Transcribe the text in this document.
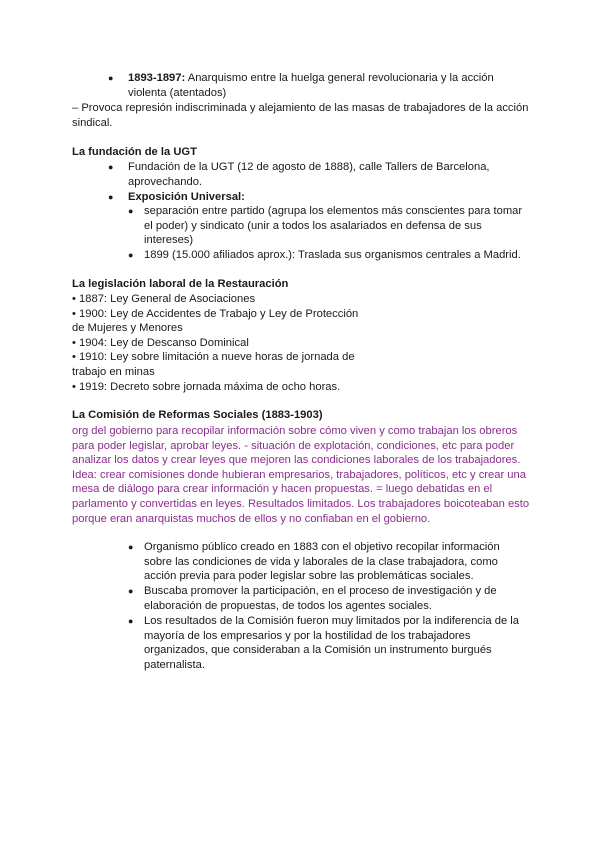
●	1893-1897: Anarquismo entre la huelga general revolucionaria y la acción
violenta (atentados)
– Provoca represión indiscriminada y alejamiento de las masas de trabajadores de la acción
sindical.
La fundación de la UGT
● Fundación de la UGT (12 de agosto de 1888), calle Tallers de Barcelona,
aprovechando.
●	Exposición Universal:
● separación entre partido (agrupa los elementos más conscientes para tomar
el poder) y sindicato (unir a todos los asalariados en defensa de sus
intereses)
● 1899 (15.000 afiliados aprox.): Traslada sus organismos centrales a Madrid.
La legislación laboral de la Restauración
• 1887: Ley General de Asociaciones
• 1900: Ley de Accidentes de Trabajo y Ley de Protección
de Mujeres y Menores
• 1904: Ley de Descanso Dominical
• 1910: Ley sobre limitación a nueve horas de jornada de
trabajo en minas
• 1919: Decreto sobre jornada máxima de ocho horas.
La Comisión de Reformas Sociales (1883-1903)
org del gobierno para recopilar información sobre cómo viven y como trabajan los obreros
para poder legislar, aprobar leyes. - situación de explotación, condiciones, etc para poder
analizar los datos y crear leyes que mejoren las condiciones laborales de los trabajadores.
Idea: crear comisiones donde hubieran empresarios, trabajadores, políticos, etc y crear una
mesa de diálogo para crear información y hacen propuestas. = luego debatidas en el
parlamento y convertidas en leyes. Resultados limitados. Los trabajadores boicoteaban esto
porque eran anarquistas muchos de ellos y no confiaban en el gobierno.
● Organismo público creado en 1883 con el objetivo recopilar información
sobre las condiciones de vida y laborales de la clase trabajadora, como
acción previa para poder legislar sobre las problemáticas sociales.
● Buscaba promover la participación, en el proceso de investigación y de
elaboración de propuestas, de todos los agentes sociales.
● Los resultados de la Comisión fueron muy limitados por la indiferencia de la
mayoría de los empresarios y por la hostilidad de los trabajadores
organizados, que consideraban a la Comisión un instrumento burgués
paternalista.
